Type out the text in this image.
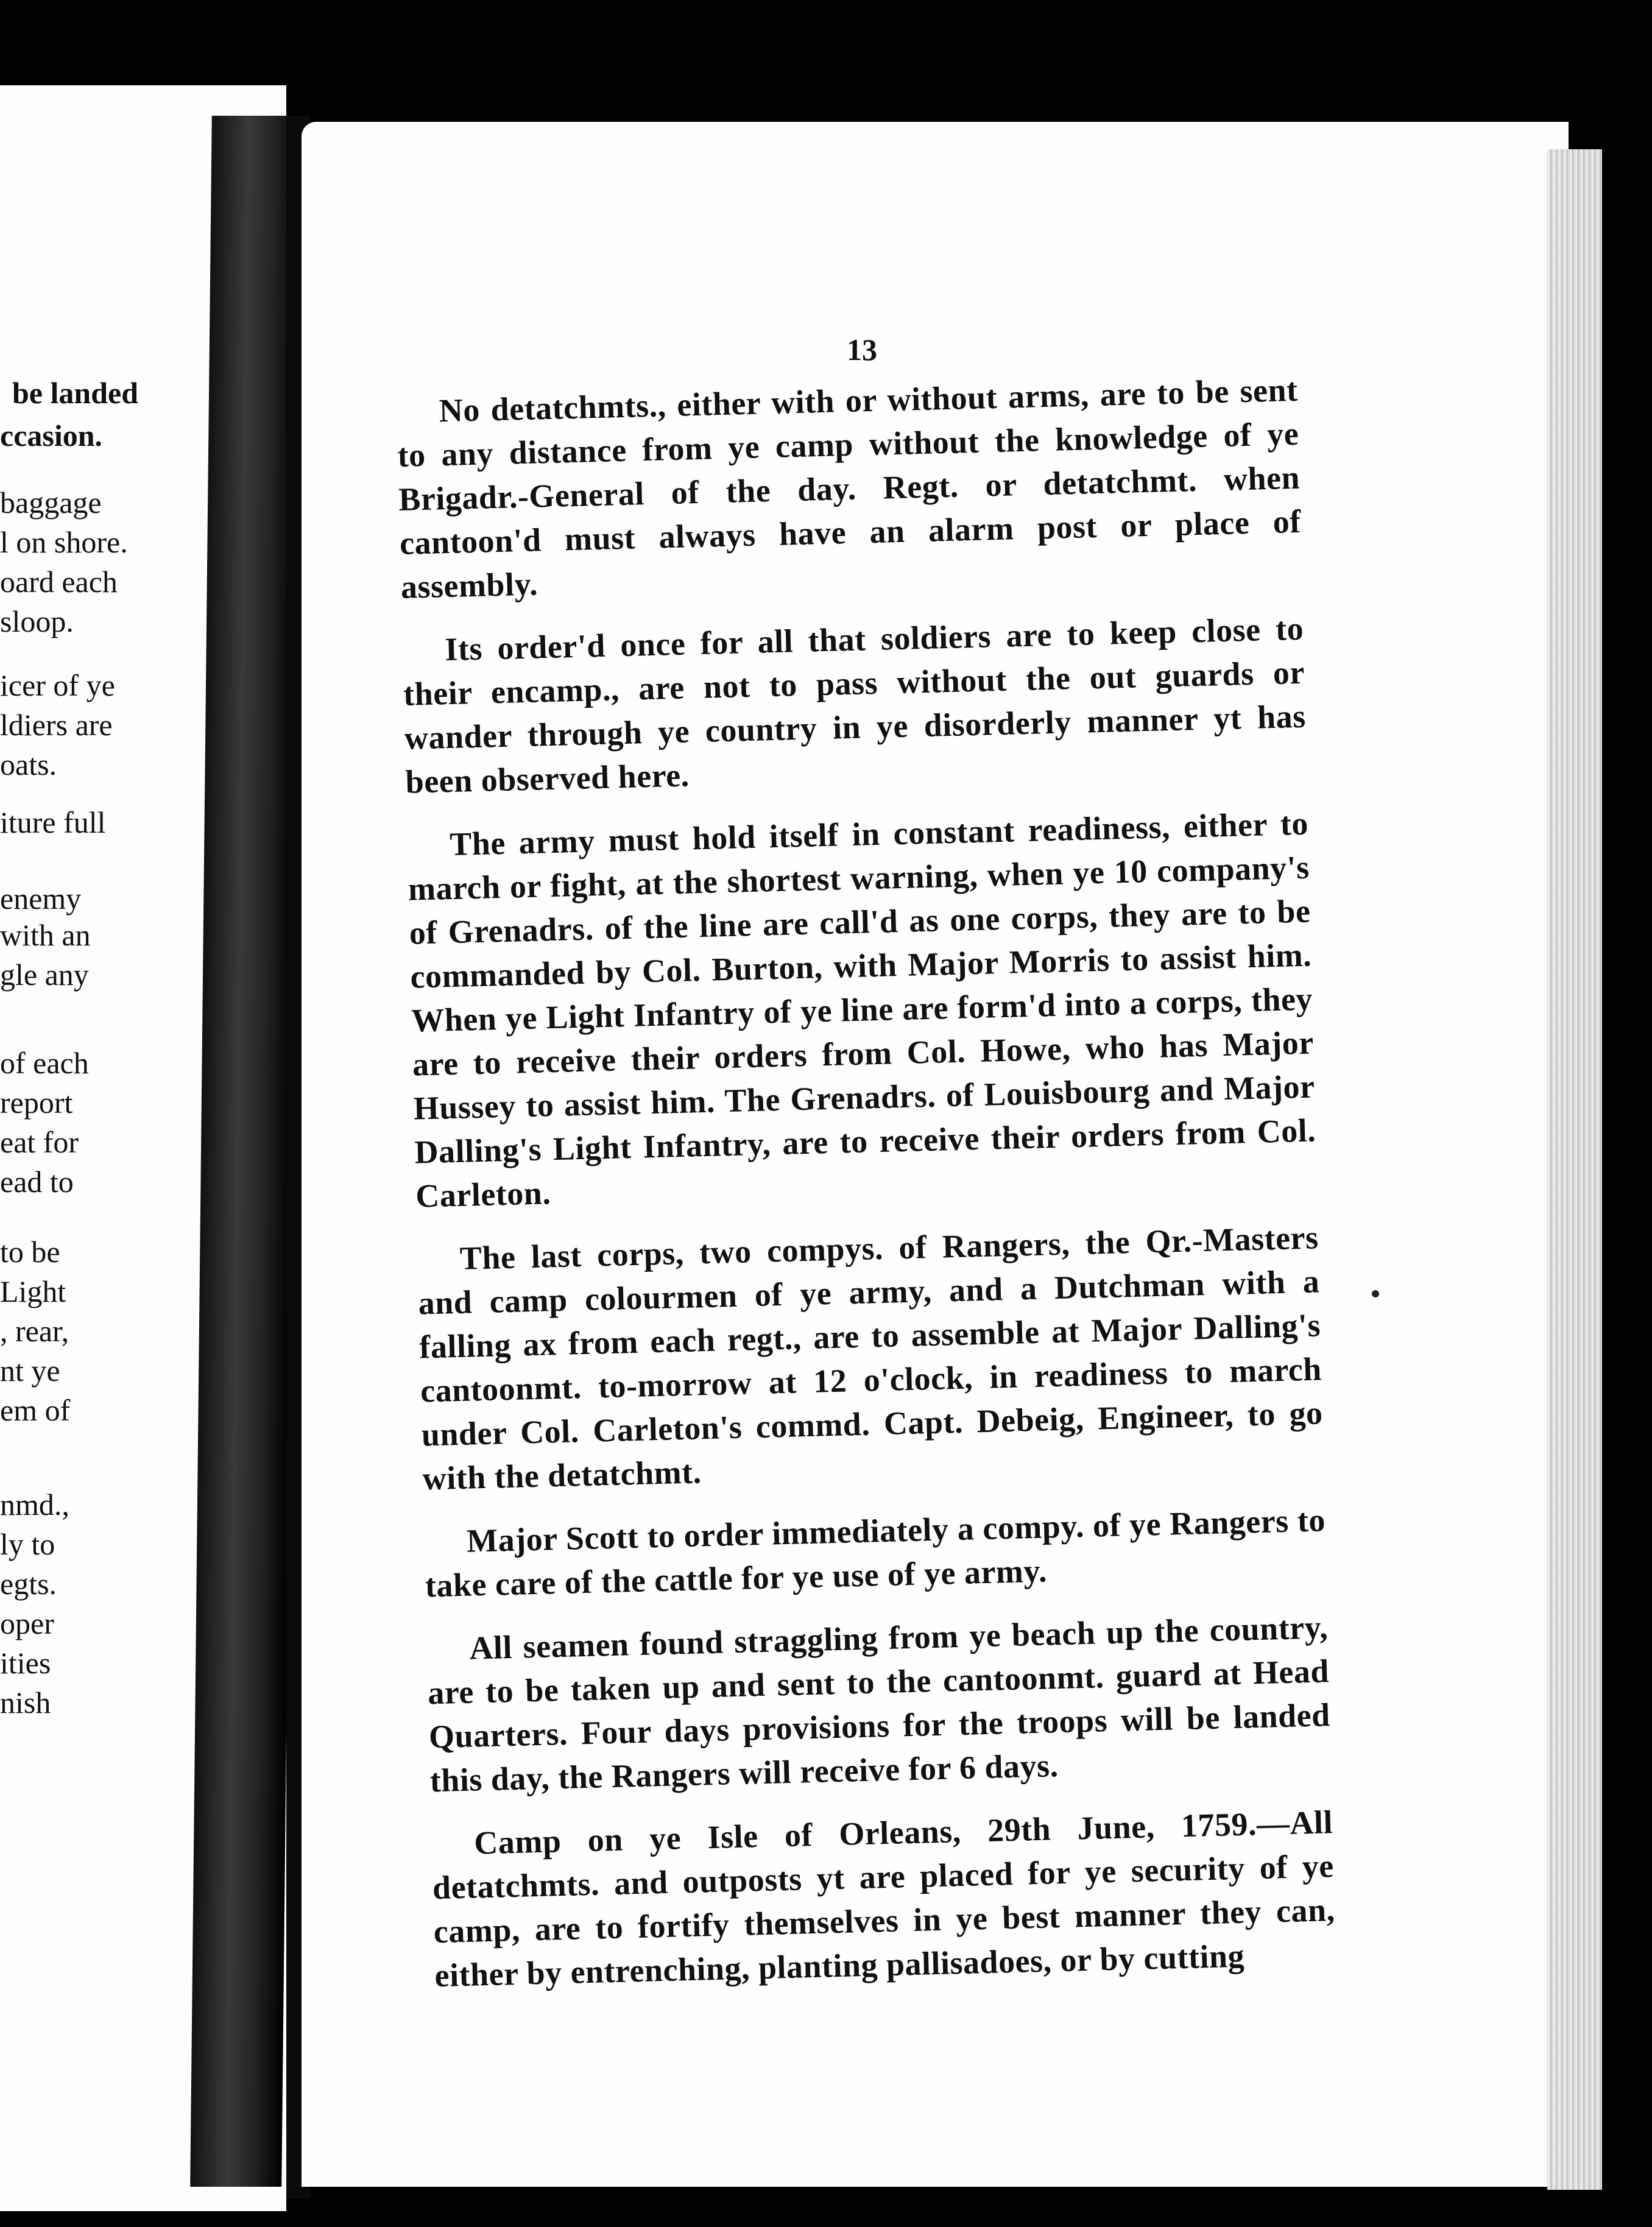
be landed
ccasion.
baggage
l on shore.
oard each
sloop.
icer of ye
ldiers are
oats.
iture full
enemy
with an
gle any
of each
report
eat for
ead to
to be
Light
, rear,
nt ye
em of
nmd.,
ly to
egts.
oper
ities
nish
13

No detatchmts., either with or without arms, are to be sent to any distance from ye camp without the knowledge of ye Brigadr.-General of the day. Regt. or detatchmt. when cantoon'd must always have an alarm post or place of assembly.

Its order'd once for all that soldiers are to keep close to their encamp., are not to pass without the out guards or wander through ye country in ye disorderly manner yt has been observed here.

The army must hold itself in constant readiness, either to march or fight, at the shortest warning, when ye 10 company's of Grenadrs. of the line are call'd as one corps, they are to be commanded by Col. Burton, with Major Morris to assist him. When ye Light Infantry of ye line are form'd into a corps, they are to receive their orders from Col. Howe, who has Major Hussey to assist him. The Grenadrs. of Louisbourg and Major Dalling's Light Infantry, are to receive their orders from Col. Carleton.

The last corps, two compys. of Rangers, the Qr.-Masters and camp colourmen of ye army, and a Dutchman with a falling ax from each regt., are to assemble at Major Dalling's cantoonmt. to-morrow at 12 o'clock, in readiness to march under Col. Carleton's commd. Capt. Debeig, Engineer, to go with the detatchmt.

Major Scott to order immediately a compy. of ye Rangers to take care of the cattle for ye use of ye army.

All seamen found straggling from ye beach up the country, are to be taken up and sent to the cantoonmt. guard at Head Quarters. Four days provisions for the troops will be landed this day, the Rangers will receive for 6 days.

Camp on ye Isle of Orleans, 29th June, 1759.—All detatchmts. and outposts yt are placed for ye security of ye camp, are to fortify themselves in ye best manner they can, either by entrenching, planting pallisadoes, or by cutting
